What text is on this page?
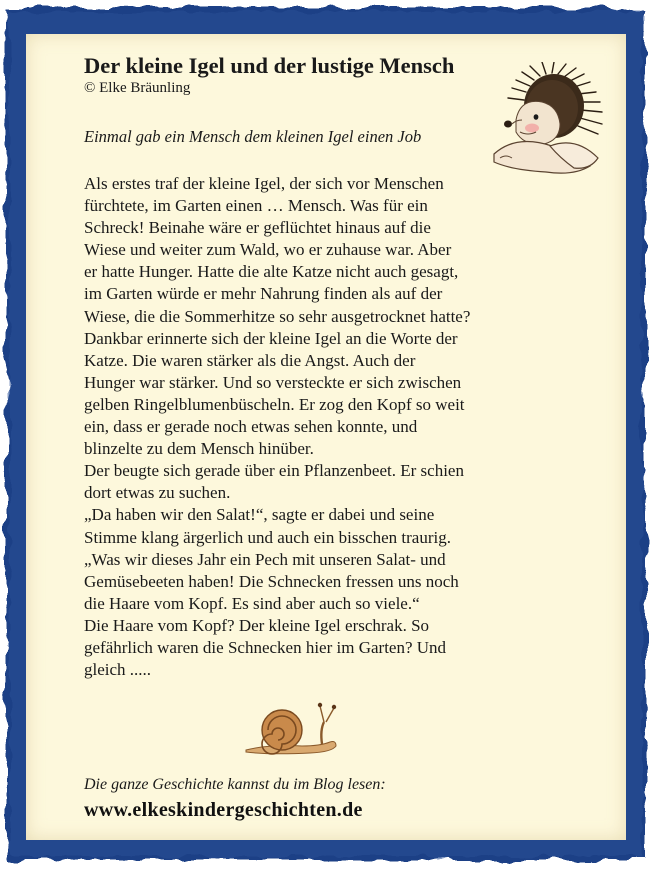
Der kleine Igel und der lustige Mensch

© Elke Bräunling

Einmal gab ein Mensch dem kleinen Igel einen Job

Als erstes traf der kleine Igel, der sich vor Menschen
fürchtete, im Garten einen … Mensch. Was für ein
Schreck! Beinahe wäre er geflüchtet hinaus auf die
Wiese und weiter zum Wald, wo er zuhause war. Aber
er hatte Hunger. Hatte die alte Katze nicht auch gesagt,
im Garten würde er mehr Nahrung finden als auf der
Wiese, die die Sommerhitze so sehr ausgetrocknet hatte?
Dankbar erinnerte sich der kleine Igel an die Worte der
Katze. Die waren stärker als die Angst. Auch der
Hunger war stärker. Und so versteckte er sich zwischen
gelben Ringelblumenbüscheln. Er zog den Kopf so weit
ein, dass er gerade noch etwas sehen konnte, und
blinzelte zu dem Mensch hinüber.
Der beugte sich gerade über ein Pflanzenbeet. Er schien
dort etwas zu suchen.
„Da haben wir den Salat!“, sagte er dabei und seine
Stimme klang ärgerlich und auch ein bisschen traurig.
„Was wir dieses Jahr ein Pech mit unseren Salat- und
Gemüsebeeten haben! Die Schnecken fressen uns noch
die Haare vom Kopf. Es sind aber auch so viele.“
Die Haare vom Kopf? Der kleine Igel erschrak. So
gefährlich waren die Schnecken hier im Garten? Und
gleich .....

Die ganze Geschichte kannst du im Blog lesen:
www.elkeskindergeschichten.de
